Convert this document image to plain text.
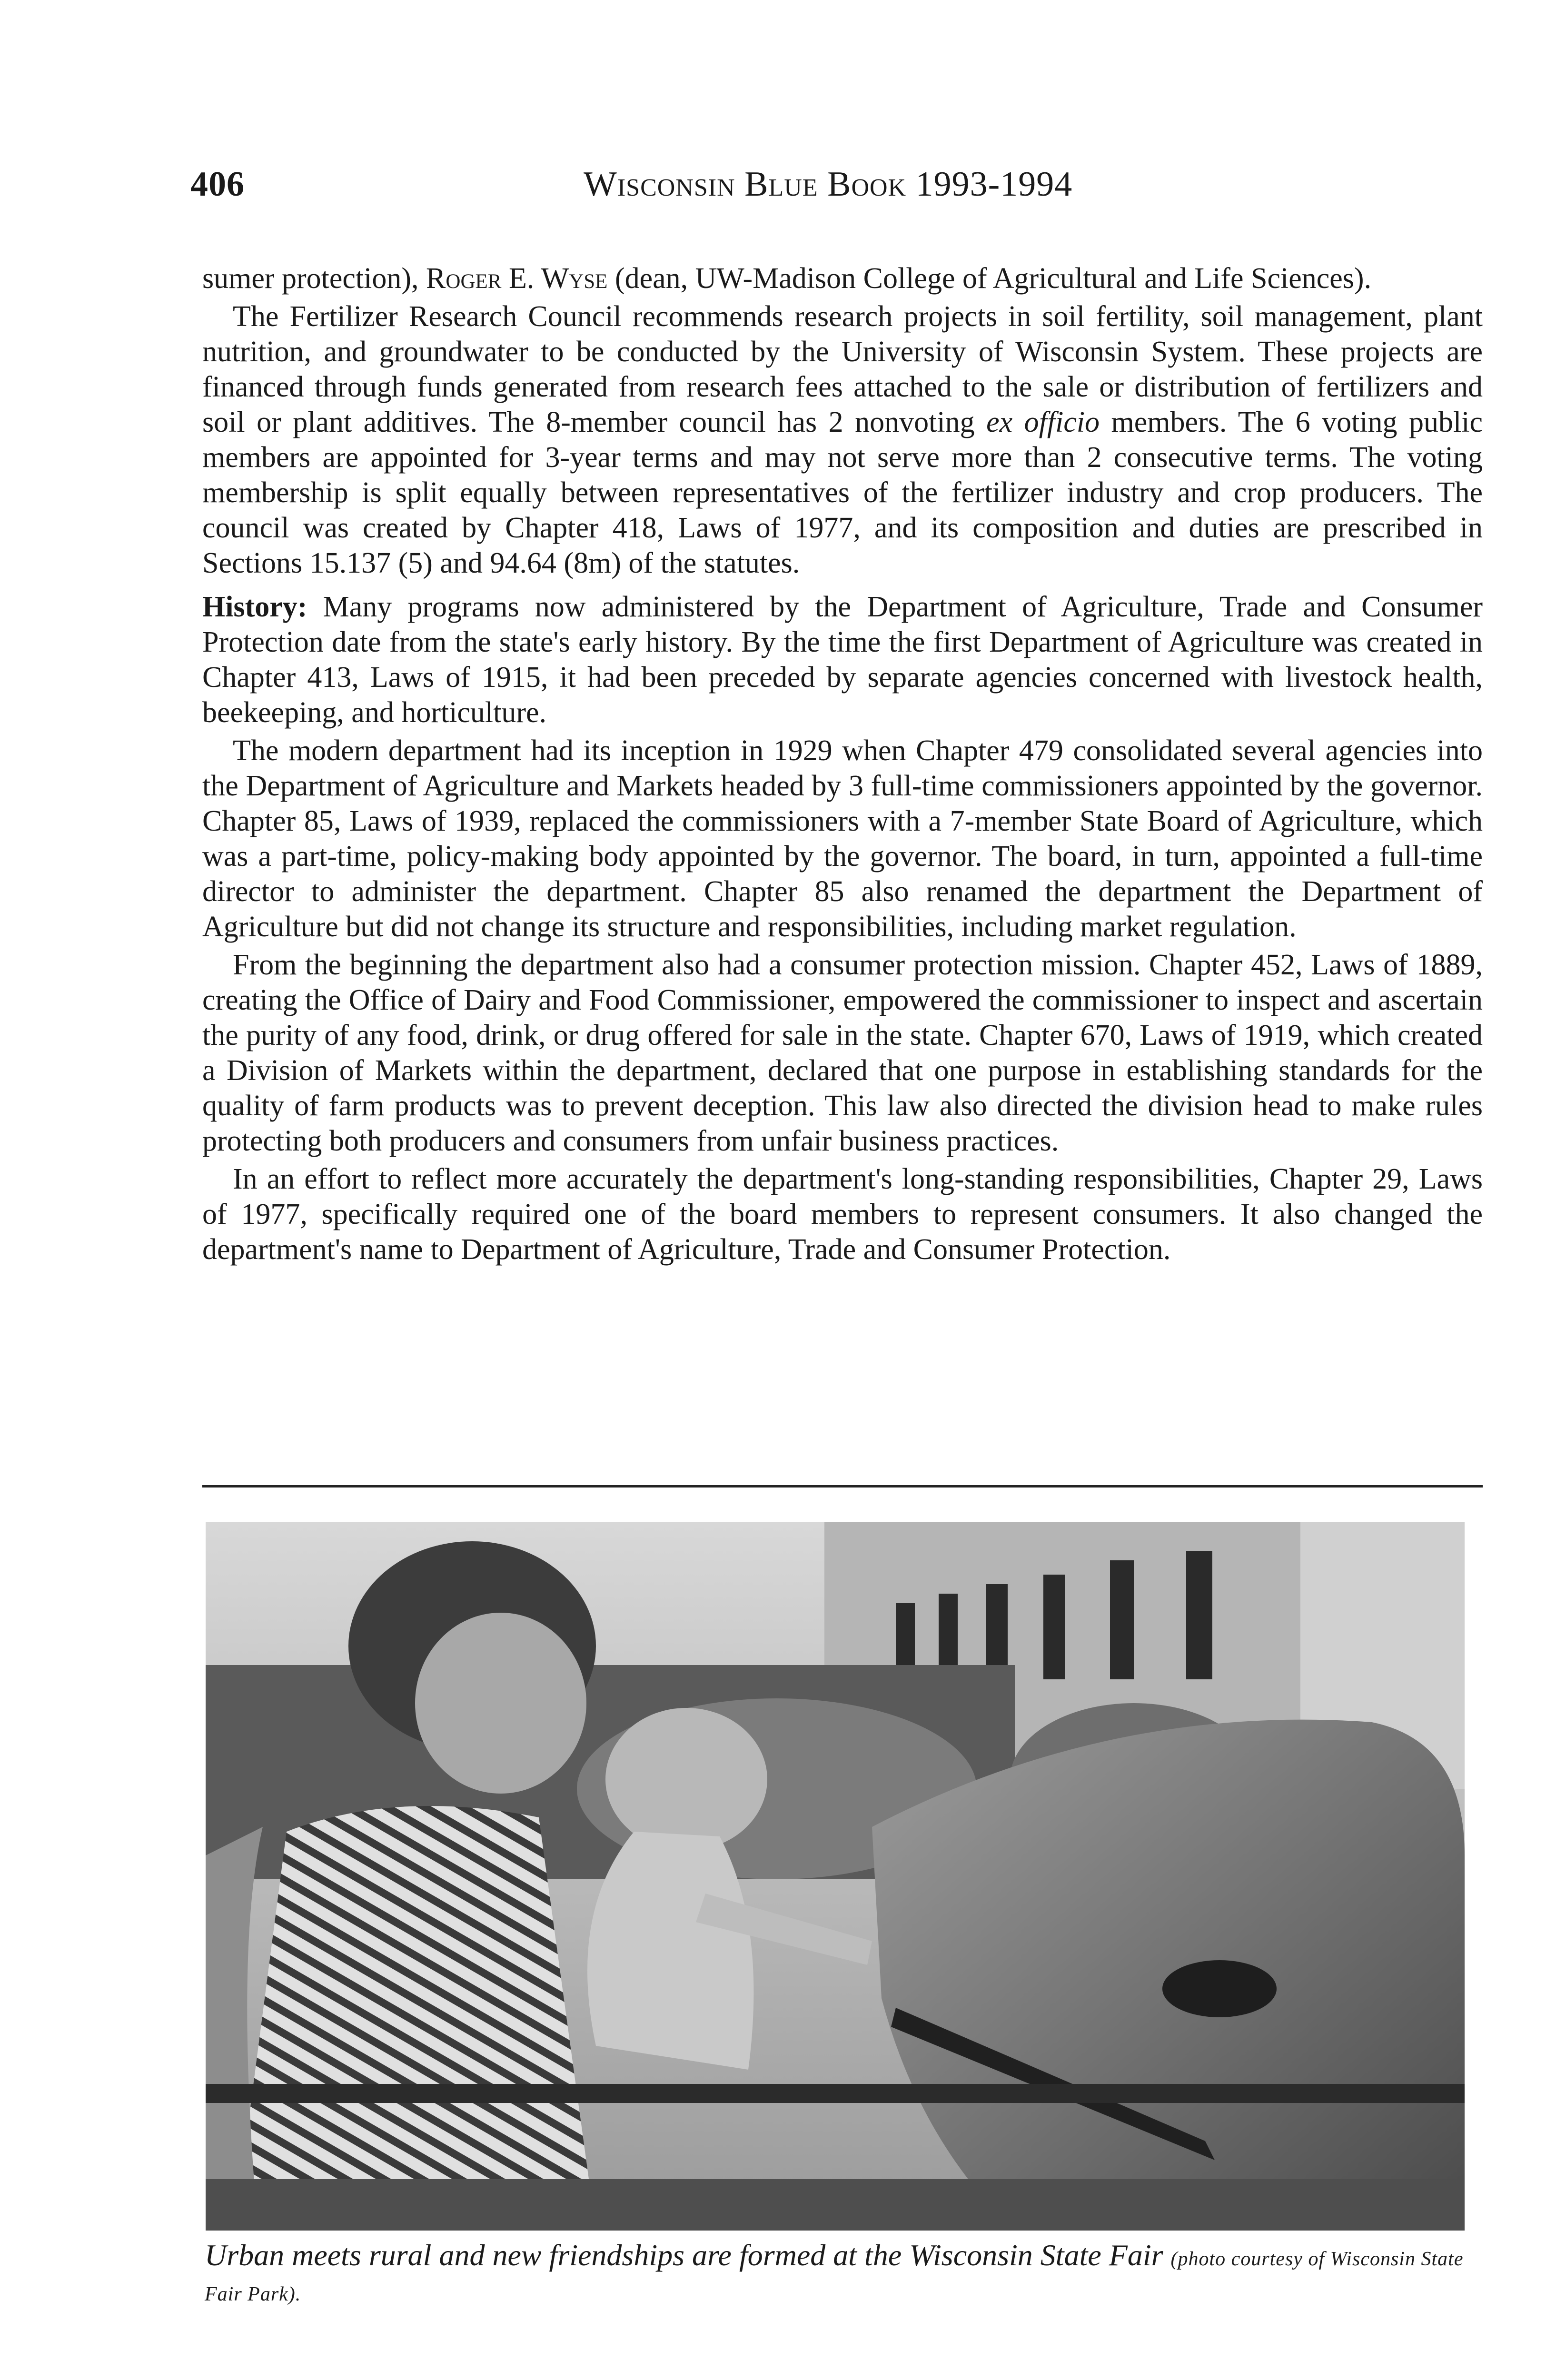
406	Wisconsin Blue Book 1993-1994

sumer protection), Roger E. Wyse (dean, UW-Madison College of Agricultural and Life Sciences).

The Fertilizer Research Council recommends research projects in soil fertility, soil management, plant nutrition, and groundwater to be conducted by the University of Wisconsin System. These projects are financed through funds generated from research fees attached to the sale or distribution of fertilizers and soil or plant additives. The 8-member council has 2 nonvoting ex officio members. The 6 voting public members are appointed for 3-year terms and may not serve more than 2 consecutive terms. The voting membership is split equally between representatives of the fertilizer industry and crop producers. The council was created by Chapter 418, Laws of 1977, and its composition and duties are prescribed in Sections 15.137 (5) and 94.64 (8m) of the statutes.

History: Many programs now administered by the Department of Agriculture, Trade and Consumer Protection date from the state's early history. By the time the first Department of Agriculture was created in Chapter 413, Laws of 1915, it had been preceded by separate agencies concerned with livestock health, beekeeping, and horticulture.

The modern department had its inception in 1929 when Chapter 479 consolidated several agencies into the Department of Agriculture and Markets headed by 3 full-time commissioners appointed by the governor. Chapter 85, Laws of 1939, replaced the commissioners with a 7-member State Board of Agriculture, which was a part-time, policy-making body appointed by the governor. The board, in turn, appointed a full-time director to administer the department. Chapter 85 also renamed the department the Department of Agriculture but did not change its structure and responsibilities, including market regulation.

From the beginning the department also had a consumer protection mission. Chapter 452, Laws of 1889, creating the Office of Dairy and Food Commissioner, empowered the commissioner to inspect and ascertain the purity of any food, drink, or drug offered for sale in the state. Chapter 670, Laws of 1919, which created a Division of Markets within the department, declared that one purpose in establishing standards for the quality of farm products was to prevent deception. This law also directed the division head to make rules protecting both producers and consumers from unfair business practices.

In an effort to reflect more accurately the department's long-standing responsibilities, Chapter 29, Laws of 1977, specifically required one of the board members to represent consumers. It also changed the department's name to Department of Agriculture, Trade and Consumer Protection.

Urban meets rural and new friendships are formed at the Wisconsin State Fair (photo courtesy of Wisconsin State Fair Park).
